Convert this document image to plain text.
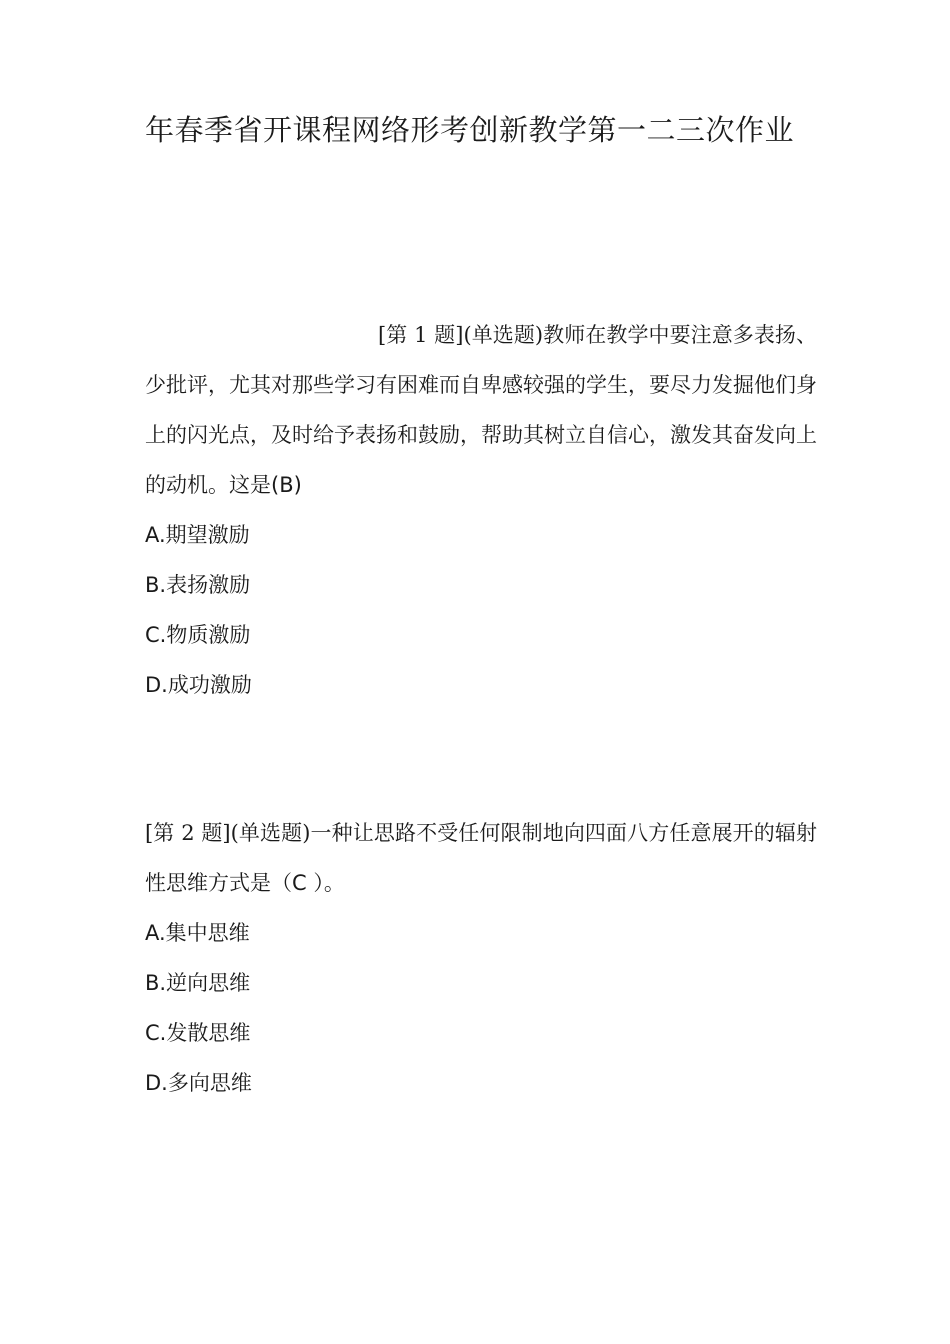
年春季省开课程网络形考创新教学第一二三次作业

[第 1 题](单选题)教师在教学中要注意多表扬、少批评，尤其对那些学习有困难而自卑感较强的学生，要尽力发掘他们身上的闪光点，及时给予表扬和鼓励，帮助其树立自信心，激发其奋发向上的动机。这是(B)

A.期望激励

B.表扬激励

C.物质激励

D.成功激励

[第 2 题](单选题)一种让思路不受任何限制地向四面八方任意展开的辐射性思维方式是（C ）。

A.集中思维

B.逆向思维

C.发散思维

D.多向思维
